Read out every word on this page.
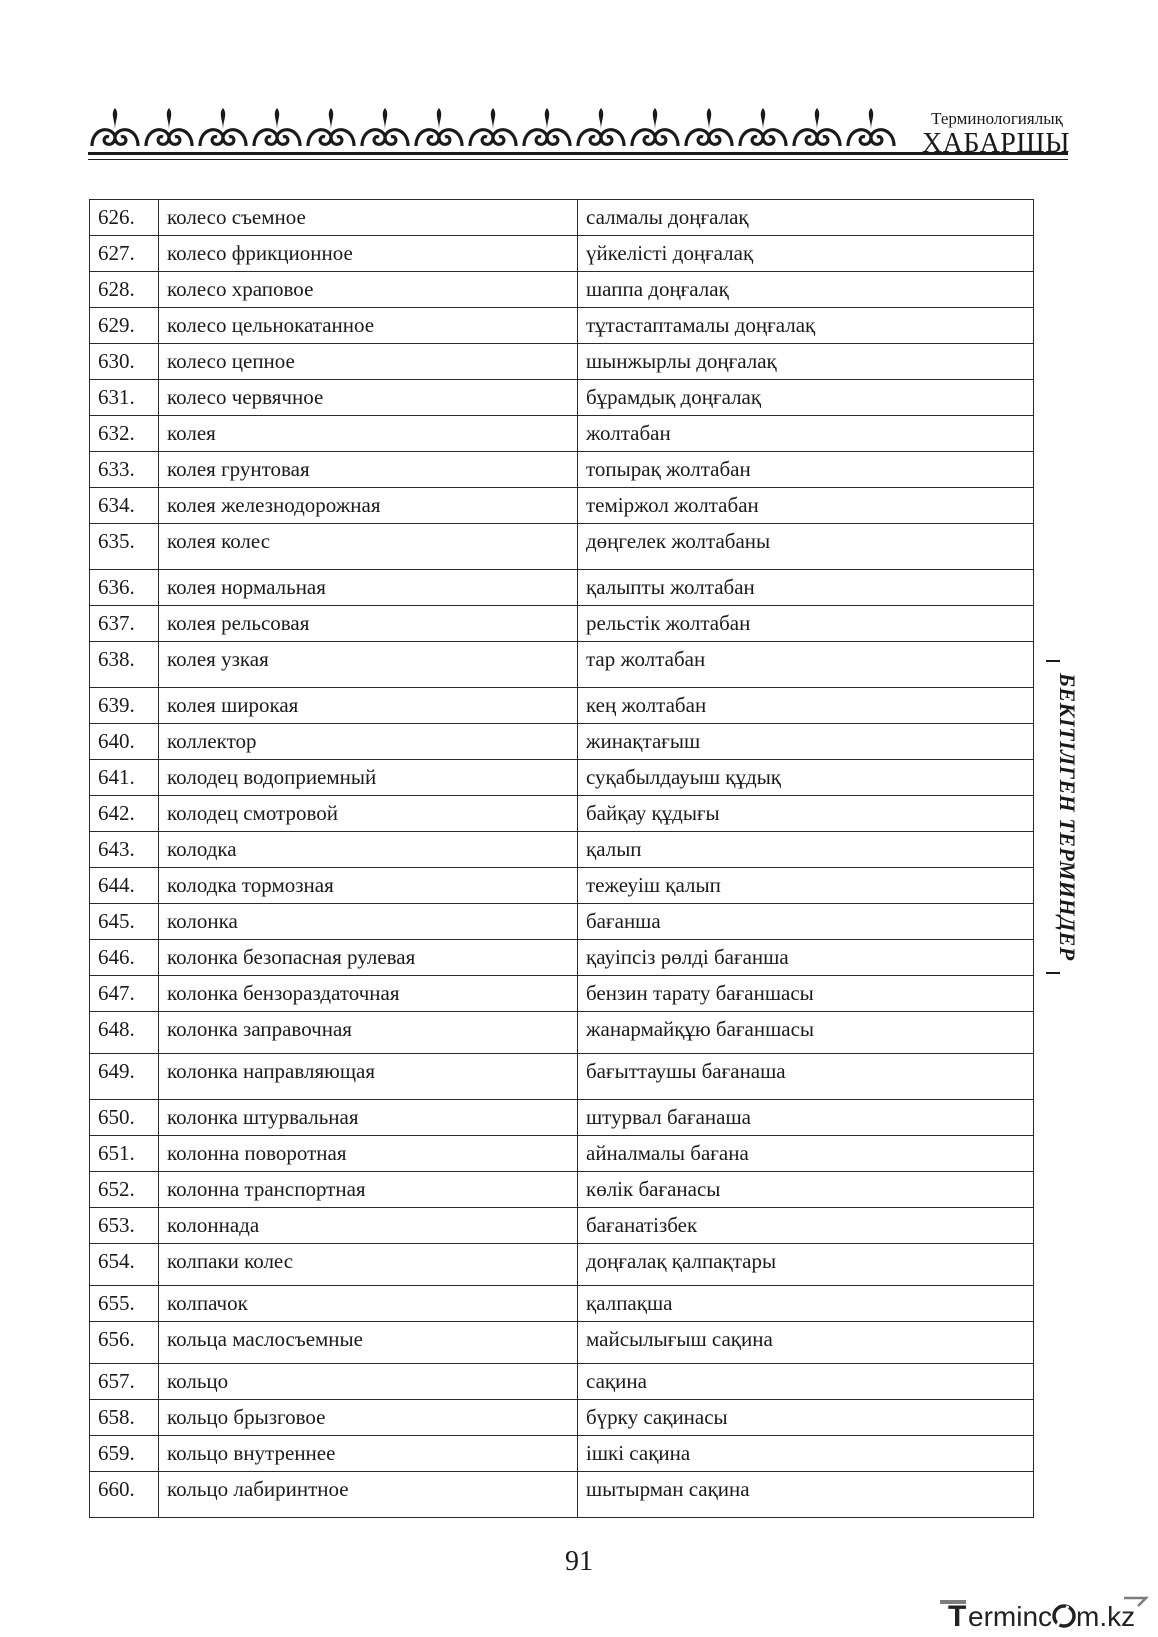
Терминологиялық
ХАБАРШЫ
626.	колесо съемное	салмалы доңғалақ
627.	колесо фрикционное	үйкелісті доңғалақ
628.	колесо храповое	шаппа доңғалақ
629.	колесо цельнокатанное	тұтастаптамалы доңғалақ
630.	колесо цепное	шынжырлы доңғалақ
631.	колесо червячное	бұрамдық доңғалақ
632.	колея	жолтабан
633.	колея грунтовая	топырақ жолтабан
634.	колея железнодорожная	теміржол жолтабан
635.	колея колес	дөңгелек жолтабаны
636.	колея нормальная	қалыпты жолтабан
637.	колея рельсовая	рельстік жолтабан
638.	колея узкая	тар жолтабан
639.	колея широкая	кең жолтабан
640.	коллектор	жинақтағыш
641.	колодец водоприемный	суқабылдауыш құдық
642.	колодец смотровой	байқау құдығы
643.	колодка	қалып
644.	колодка тормозная	тежеуіш қалып
645.	колонка	бағанша
646.	колонка безопасная рулевая	қауіпсіз рөлді бағанша
647.	колонка бензораздаточная	бензин тарату бағаншасы
648.	колонка заправочная	жанармайқұю бағаншасы
649.	колонка направляющая	бағыттаушы бағанаша
650.	колонка штурвальная	штурвал бағанаша
651.	колонна поворотная	айналмалы бағана
652.	колонна транспортная	көлік бағанасы
653.	колоннада	бағанатізбек
654.	колпаки колес	доңғалақ қалпақтары
655.	колпачок	қалпақша
656.	кольца маслосъемные	майсылығыш сақина
657.	кольцо	сақина
658.	кольцо брызговое	бүрку сақинасы
659.	кольцо внутреннее	ішкі сақина
660.	кольцо лабиринтное	шытырман сақина
БЕКІТІЛГЕН ТЕРМИНДЕР
91
T erminc m.kz
